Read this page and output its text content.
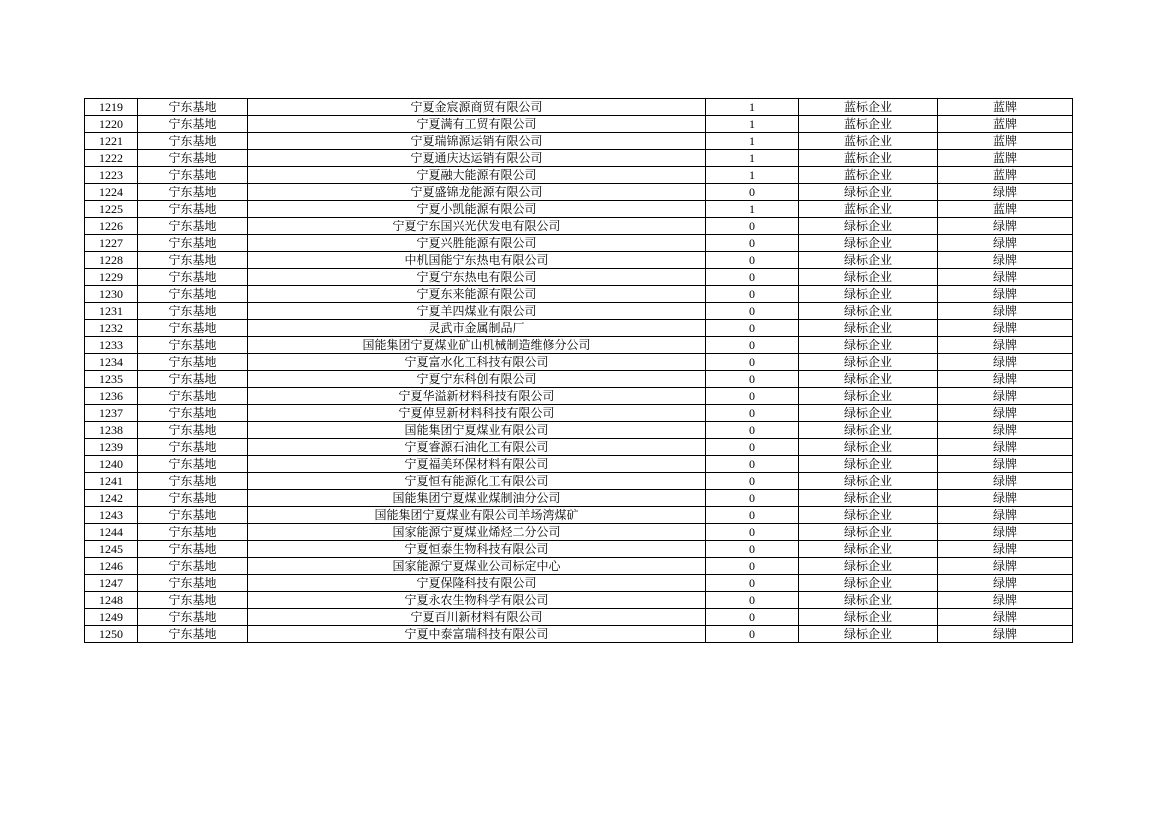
1219	宁东基地	宁夏金宸源商贸有限公司	1	蓝标企业	蓝牌
1220	宁东基地	宁夏满有工贸有限公司	1	蓝标企业	蓝牌
1221	宁东基地	宁夏瑞锦源运销有限公司	1	蓝标企业	蓝牌
1222	宁东基地	宁夏通庆达运销有限公司	1	蓝标企业	蓝牌
1223	宁东基地	宁夏融大能源有限公司	1	蓝标企业	蓝牌
1224	宁东基地	宁夏盛锦龙能源有限公司	0	绿标企业	绿牌
1225	宁东基地	宁夏小凯能源有限公司	1	蓝标企业	蓝牌
1226	宁东基地	宁夏宁东国兴光伏发电有限公司	0	绿标企业	绿牌
1227	宁东基地	宁夏兴胜能源有限公司	0	绿标企业	绿牌
1228	宁东基地	中机国能宁东热电有限公司	0	绿标企业	绿牌
1229	宁东基地	宁夏宁东热电有限公司	0	绿标企业	绿牌
1230	宁东基地	宁夏东来能源有限公司	0	绿标企业	绿牌
1231	宁东基地	宁夏羊四煤业有限公司	0	绿标企业	绿牌
1232	宁东基地	灵武市金属制品厂	0	绿标企业	绿牌
1233	宁东基地	国能集团宁夏煤业矿山机械制造维修分公司	0	绿标企业	绿牌
1234	宁东基地	宁夏富水化工科技有限公司	0	绿标企业	绿牌
1235	宁东基地	宁夏宁东科创有限公司	0	绿标企业	绿牌
1236	宁东基地	宁夏华溢新材料科技有限公司	0	绿标企业	绿牌
1237	宁东基地	宁夏倬昱新材料科技有限公司	0	绿标企业	绿牌
1238	宁东基地	国能集团宁夏煤业有限公司	0	绿标企业	绿牌
1239	宁东基地	宁夏睿源石油化工有限公司	0	绿标企业	绿牌
1240	宁东基地	宁夏福美环保材料有限公司	0	绿标企业	绿牌
1241	宁东基地	宁夏恒有能源化工有限公司	0	绿标企业	绿牌
1242	宁东基地	国能集团宁夏煤业煤制油分公司	0	绿标企业	绿牌
1243	宁东基地	国能集团宁夏煤业有限公司羊场湾煤矿	0	绿标企业	绿牌
1244	宁东基地	国家能源宁夏煤业烯烃二分公司	0	绿标企业	绿牌
1245	宁东基地	宁夏恒泰生物科技有限公司	0	绿标企业	绿牌
1246	宁东基地	国家能源宁夏煤业公司标定中心	0	绿标企业	绿牌
1247	宁东基地	宁夏保隆科技有限公司	0	绿标企业	绿牌
1248	宁东基地	宁夏永农生物科学有限公司	0	绿标企业	绿牌
1249	宁东基地	宁夏百川新材料有限公司	0	绿标企业	绿牌
1250	宁东基地	宁夏中泰富瑞科技有限公司	0	绿标企业	绿牌
